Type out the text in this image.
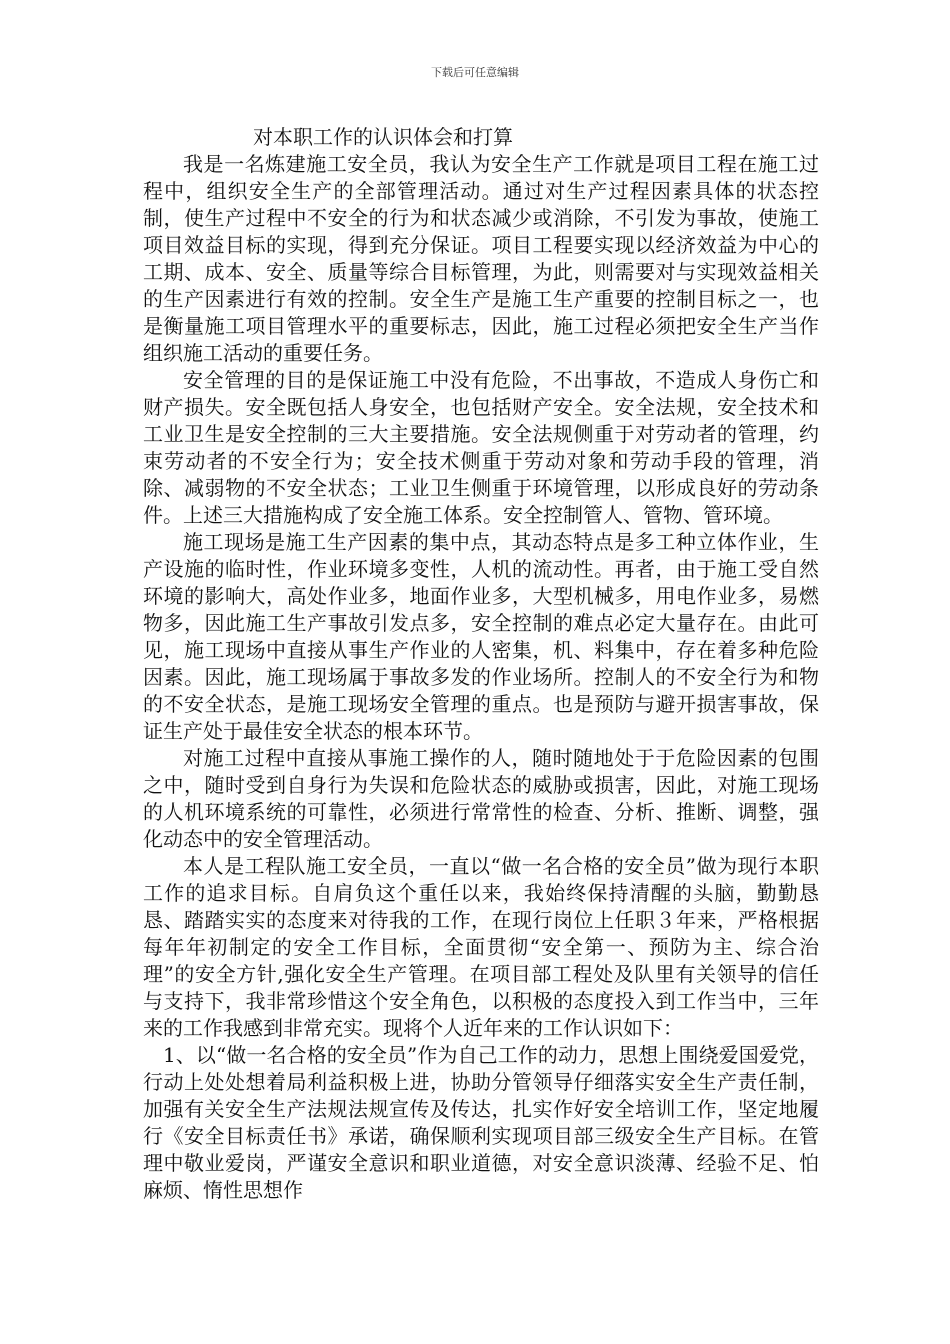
下载后可任意编辑
对本职工作的认识体会和打算

我是一名炼建施工安全员，我认为安全生产工作就是项目工程在施工过程中，组织安全生产的全部管理活动。通过对生产过程因素具体的状态控制，使生产过程中不安全的行为和状态减少或消除，不引发为事故，使施工项目效益目标的实现，得到充分保证。项目工程要实现以经济效益为中心的工期、成本、安全、质量等综合目标管理，为此，则需要对与实现效益相关的生产因素进行有效的控制。安全生产是施工生产重要的控制目标之一，也是衡量施工项目管理水平的重要标志，因此，施工过程必须把安全生产当作组织施工活动的重要任务。

安全管理的目的是保证施工中没有危险，不出事故，不造成人身伤亡和财产损失。安全既包括人身安全，也包括财产安全。安全法规，安全技术和工业卫生是安全控制的三大主要措施。安全法规侧重于对劳动者的管理，约束劳动者的不安全行为；安全技术侧重于劳动对象和劳动手段的管理，消除、减弱物的不安全状态；工业卫生侧重于环境管理，以形成良好的劳动条件。上述三大措施构成了安全施工体系。安全控制管人、管物、管环境。

施工现场是施工生产因素的集中点，其动态特点是多工种立体作业，生产设施的临时性，作业环境多变性，人机的流动性。再者，由于施工受自然环境的影响大，高处作业多，地面作业多，大型机械多，用电作业多，易燃物多，因此施工生产事故引发点多，安全控制的难点必定大量存在。由此可见，施工现场中直接从事生产作业的人密集，机、料集中，存在着多种危险因素。因此，施工现场属于事故多发的作业场所。控制人的不安全行为和物的不安全状态，是施工现场安全管理的重点。也是预防与避开损害事故，保证生产处于最佳安全状态的根本环节。

对施工过程中直接从事施工操作的人，随时随地处于于危险因素的包围之中，随时受到自身行为失误和危险状态的威胁或损害，因此，对施工现场的人机环境系统的可靠性，必须进行常常性的检查、分析、推断、调整，强化动态中的安全管理活动。

本人是工程队施工安全员，一直以“做一名合格的安全员”做为现行本职工作的追求目标。自肩负这个重任以来，我始终保持清醒的头脑，勤勤恳恳、踏踏实实的态度来对待我的工作，在现行岗位上任职３年来，严格根据每年年初制定的安全工作目标，全面贯彻“安全第一、预防为主、综合治理”的安全方针,强化安全生产管理。在项目部工程处及队里有关领导的信任与支持下，我非常珍惜这个安全角色，以积极的态度投入到工作当中，三年来的工作我感到非常充实。现将个人近年来的工作认识如下：

1、以“做一名合格的安全员”作为自己工作的动力，思想上围绕爱国爱党，行动上处处想着局利益积极上进，协助分管领导仔细落实安全生产责任制，加强有关安全生产法规法规宣传及传达，扎实作好安全培训工作，坚定地履行《安全目标责任书》承诺，确保顺利实现项目部三级安全生产目标。在管理中敬业爱岗，严谨安全意识和职业道德，对安全意识淡薄、经验不足、怕麻烦、惰性思想作
